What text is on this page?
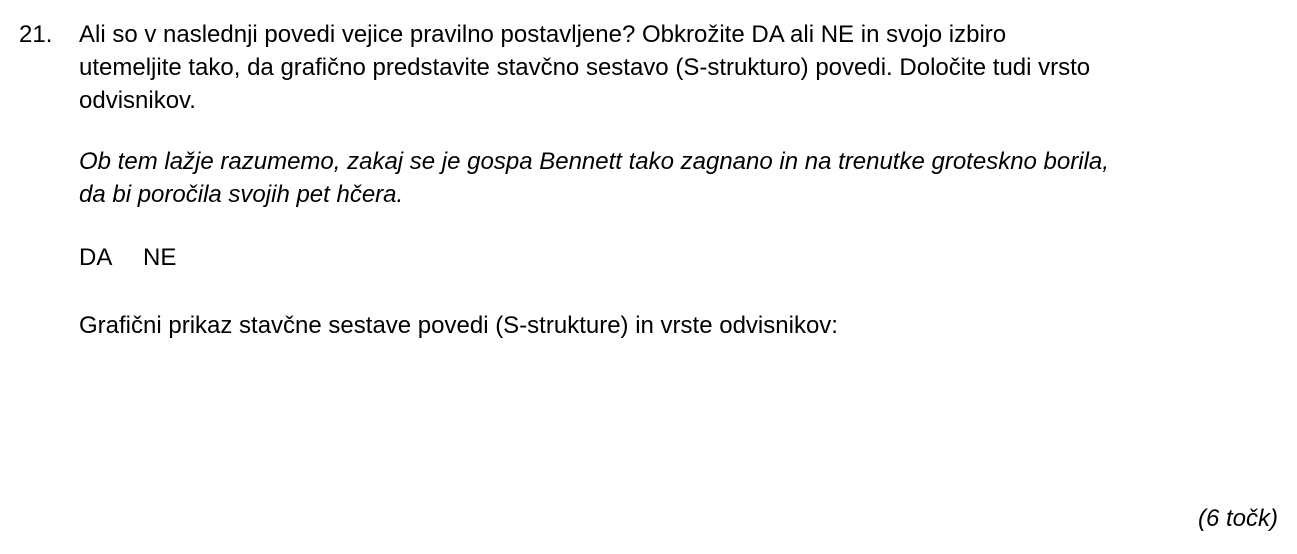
21. Ali so v naslednji povedi vejice pravilno postavljene? Obkrožite DA ali NE in svojo izbiro
utemeljite tako, da grafično predstavite stavčno sestavo (S-strukturo) povedi. Določite tudi vrsto
odvisnikov.

Ob tem lažje razumemo, zakaj se je gospa Bennett tako zagnano in na trenutke groteskno borila,
da bi poročila svojih pet hčera.

DA NE

Grafični prikaz stavčne sestave povedi (S-strukture) in vrste odvisnikov:

(6 točk)
